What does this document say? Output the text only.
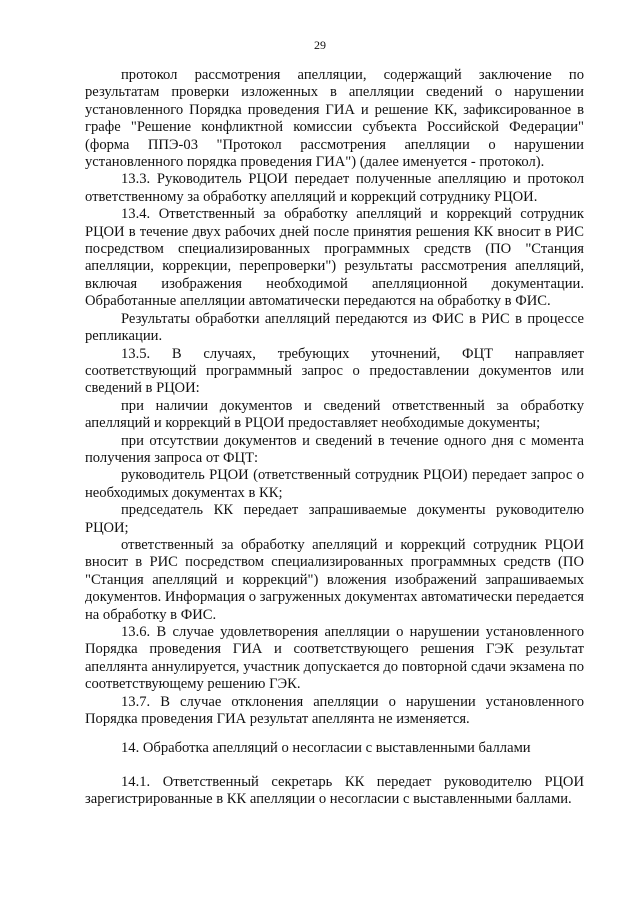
29

протокол рассмотрения апелляции, содержащий заключение по результатам проверки изложенных в апелляции сведений о нарушении установленного Порядка проведения ГИА и решение КК, зафиксированное в графе "Решение конфликтной комиссии субъекта Российской Федерации" (форма ППЭ-03 "Протокол рассмотрения апелляции о нарушении установленного порядка проведения ГИА") (далее именуется - протокол).

13.3. Руководитель РЦОИ передает полученные апелляцию и протокол ответственному за обработку апелляций и коррекций сотруднику РЦОИ.

13.4. Ответственный за обработку апелляций и коррекций сотрудник РЦОИ в течение двух рабочих дней после принятия решения КК вносит в РИС посредством специализированных программных средств (ПО "Станция апелляции, коррекции, перепроверки") результаты рассмотрения апелляций, включая изображения необходимой апелляционной документации. Обработанные апелляции автоматически передаются на обработку в ФИС.

Результаты обработки апелляций передаются из ФИС в РИС в процессе репликации.

13.5. В случаях, требующих уточнений, ФЦТ направляет соответствующий программный запрос о предоставлении документов или сведений в РЦОИ:

при наличии документов и сведений ответственный за обработку апелляций и коррекций в РЦОИ предоставляет необходимые документы;

при отсутствии документов и сведений в течение одного дня с момента получения запроса от ФЦТ:

руководитель РЦОИ (ответственный сотрудник РЦОИ) передает запрос о необходимых документах в КК;

председатель КК передает запрашиваемые документы руководителю РЦОИ;

ответственный за обработку апелляций и коррекций сотрудник РЦОИ вносит в РИС посредством специализированных программных средств (ПО "Станция апелляций и коррекций") вложения изображений запрашиваемых документов. Информация о загруженных документах автоматически передается на обработку в ФИС.

13.6. В случае удовлетворения апелляции о нарушении установленного Порядка проведения ГИА и соответствующего решения ГЭК результат апеллянта аннулируется, участник допускается до повторной сдачи экзамена по соответствующему решению ГЭК.

13.7. В случае отклонения апелляции о нарушении установленного Порядка проведения ГИА результат апеллянта не изменяется.

14. Обработка апелляций о несогласии с выставленными баллами

14.1. Ответственный секретарь КК передает руководителю РЦОИ зарегистрированные в КК апелляции о несогласии с выставленными баллами.
